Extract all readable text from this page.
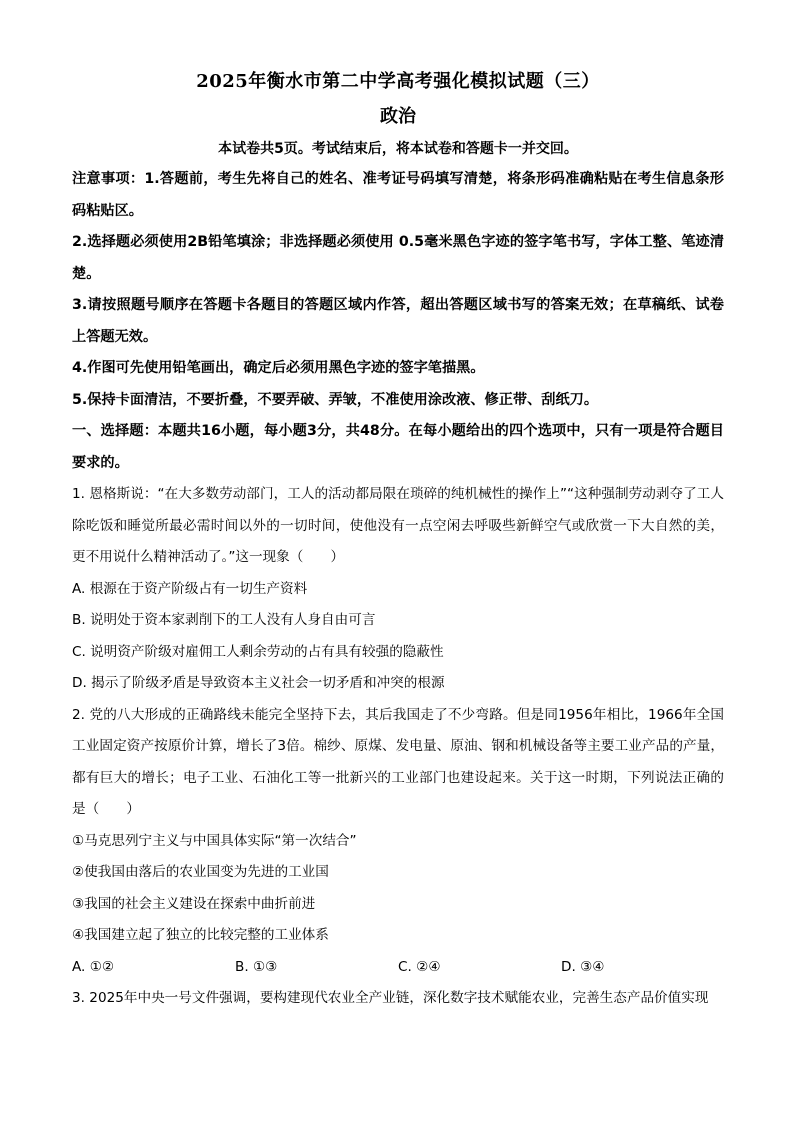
2025年衡水市第二中学高考强化模拟试题（三）
政治

本试卷共5页。考试结束后，将本试卷和答题卡一并交回。

注意事项：1.答题前，考生先将自己的姓名、准考证号码填写清楚，将条形码准确粘贴在考生信息条形码粘贴区。

2.选择题必须使用2B铅笔填涂；非选择题必须使用 0.5毫米黑色字迹的签字笔书写，字体工整、笔迹清楚。

3.请按照题号顺序在答题卡各题目的答题区域内作答，超出答题区域书写的答案无效；在草稿纸、试卷上答题无效。

4.作图可先使用铅笔画出，确定后必须用黑色字迹的签字笔描黑。

5.保持卡面清洁，不要折叠，不要弄破、弄皱，不准使用涂改液、修正带、刮纸刀。

一、选择题：本题共16小题，每小题3分，共48分。在每小题给出的四个选项中，只有一项是符合题目要求的。

1. 恩格斯说：“在大多数劳动部门，工人的活动都局限在琐碎的纯机械性的操作上”“这种强制劳动剥夺了工人除吃饭和睡觉所最必需时间以外的一切时间，使他没有一点空闲去呼吸些新鲜空气或欣赏一下大自然的美，更不用说什么精神活动了。”这一现象（　　）

A. 根源在于资产阶级占有一切生产资料

B. 说明处于资本家剥削下的工人没有人身自由可言

C. 说明资产阶级对雇佣工人剩余劳动的占有具有较强的隐蔽性

D. 揭示了阶级矛盾是导致资本主义社会一切矛盾和冲突的根源

2. 党的八大形成的正确路线未能完全坚持下去，其后我国走了不少弯路。但是同1956年相比，1966年全国工业固定资产按原价计算，增长了3倍。棉纱、原煤、发电量、原油、钢和机械设备等主要工业产品的产量，都有巨大的增长；电子工业、石油化工等一批新兴的工业部门也建设起来。关于这一时期，下列说法正确的是（　　）

①马克思列宁主义与中国具体实际“第一次结合”

②使我国由落后的农业国变为先进的工业国

③我国的社会主义建设在探索中曲折前进

④我国建立起了独立的比较完整的工业体系

A. ①②	B. ①③	C. ②④	D. ③④

3. 2025年中央一号文件强调，要构建现代农业全产业链，深化数字技术赋能农业，完善生态产品价值实现
